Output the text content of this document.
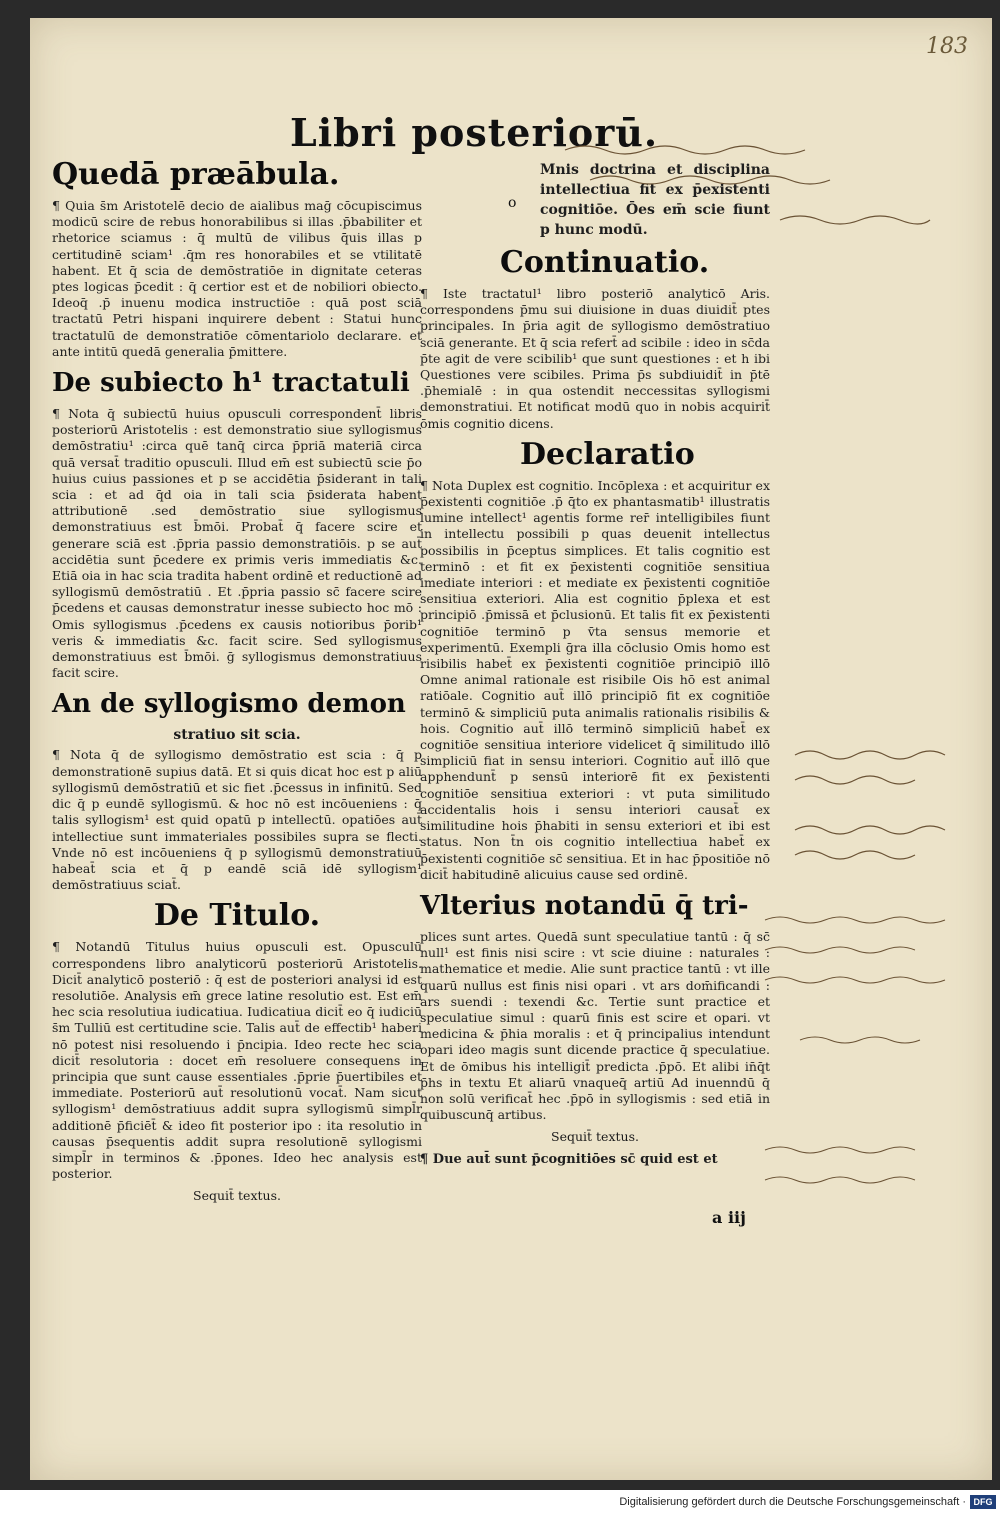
183
Libri posteriorū.
Quedā præābula.

¶ Quia s̄m Aristotelē decio de aialibus maḡ cōcupiscimus modicū scire de rebus honorabilibus si illas .p̄babiliter et rhetorice sciamus : q̄ multū de vilibus q̄̄uis illas p certitudinē sciam¹ .q̄m res honorabiles et se vtilitatē habent. Et q̄ scia de demōstratiōe in dignitate ceteras ptes logicas p̄cedit : q̄ certior est et de nobiliori obiecto. Ideoq̄ .p̄ inuenu modica instructiōe : quā post sciā tractatū Petri hispani inquirere debent : Statui hunc tractatulū de demonstratiōe cōmentariolo declarare. et ante intitū quedā generalia p̄mittere.

De subiecto h¹ tractatuli

¶ Nota q̄ subiectū huius opusculi correspondent̄ libris posteriorū Aristotelis : est demonstratio siue syllogismus demōstratiu¹ :circa quē tanq̄ circa p̄priā materiā circa quā versat̄ traditio opusculi. Illud em̄ est subiectū scie p̄o huius cuius passiones et p se accidētia p̄siderant in tali scia : et ad q̄d oia in tali scia p̄siderata habent attributionē .sed demōstratio siue syllogismus demonstratiuus est b̄mōi. Probat̄ q̄ facere scire et generare sciā est .p̄pria passio demonstratiōis. p se aut̄ accidētia sunt p̄cedere ex primis veris immediatis &c. Etiā oia in hac scia tradita habent ordinē et reductionē ad syllogismū demōstratiū . Et .p̄pria passio sc̄ facere scire p̄cedens et causas demonstratur inesse subiecto hoc mō : Omis syllogismus .p̄cedens ex causis notioribus p̄orib¹ veris & immediatis &c. facit scire. Sed syllogismus demonstratiuus est b̄mōi. ḡ syllogismus demonstratiuus facit scire.

An de syllogismo demon
stratiuo sit scia.

¶ Nota q̄ de syllogismo demōstratio est scia : q̄ p demonstrationē supius datā. Et si quis dicat hoc est p aliū syllogismū demōstratiū et sic fiet .p̄cessus in infinitū. Sed dic q̄ p eundē syllogismū. & hoc nō est incōueniens : q̄ talis syllogism¹ est quid opatū p intellectū. opatiōes aut̄ intellectiue sunt immateriales possibiles supra se flecti. Vnde nō est incōueniens q̄ p syllogismū demonstratiuū habeat̄ scia et q̄ p eandē sciā idē syllogism¹ demōstratiuus sciat̄.

De Titulo.

¶ Notandū Titulus huius opusculi est. Opusculū correspondens libro analyticorū posteriorū Aristotelis. Dicit̄ analyticō posteriō : q̄ est de posteriori analysi id est resolutiōe. Analysis em̄ grece latine resolutio est. Est em̄ hec scia resolutiua iudicatiua. Iudicatiua dicit̄ eo q̄ iudiciū s̄m Tulliū est certitudine scie. Talis aut̄ de effectib¹ haberi nō potest nisi resoluendo i p̄ncipia. Ideo recte hec scia dicit̄ resolutoria : docet em̄ resoluere consequens in principia que sunt cause essentiales .p̄prie p̄uertibiles et immediate. Posteriorū aut̄ resolutionū vocat̄. Nam sicut syllogism¹ demōstratiuus addit supra syllogismū simpl̄r additionē p̄ficiēt̄ & ideo fit posterior ipo : ita resolutio in causas p̄sequentis addit supra resolutionē syllogismi simpl̄r in terminos & .p̄pones. Ideo hec analysis est posterior.

Sequit̄ textus.
o

Mnis doctrina et disciplina intellectiua fit ex p̄existenti cognitiōe. Ōes em̄ scie fiunt p hunc modū.

Continuatio.

¶ Iste tractatul¹ libro posteriō analyticō Aris. correspondens p̄mu sui diuisione in duas diuidit̄ ptes principales. In p̄ria agit de syllogismo demōstratiuo sciā generante. Et q̄ scia refert̄ ad scibile : ideo in sc̄da p̄te agit de vere scibilib¹ que sunt questiones : et h ibi Questiones vere scibiles. Prima p̄s subdiuidit̄ in p̄tē .p̄hemialē : in qua ostendit neccessitas syllogismi demonstratiui. Et notificat modū quo in nobis acquirit̄ ōmis cognitio dicens.

Declaratio

¶ Nota Duplex est cognitio. Incōplexa : et acquiritur ex p̄existenti cognitiōe .p̄ q̄̄to ex phantasmatib¹ illustratis lumine intellect¹ agentis forme rer̄ intelligibiles fiunt in intellectu possibili p quas deuenit intellectus possibilis in p̄ceptus simplices. Et talis cognitio est terminō : et fit ex p̄existenti cognitiōe sensitiua imediate interiori : et mediate ex p̄existenti cognitiōe sensitiua exteriori. Alia est cognitio p̄plexa et est principiō .p̄missā et p̄clusionū. Et talis fit ex p̄existenti cognitiōe terminō p v̄ta sensus memorie et experimentū. Exempli ḡra illa cōclusio Omis homo est risibilis habet̄ ex p̄existenti cognitiōe principiō illō Omne animal rationale est risibile Ois hō est animal ratiōale. Cognitio aut̄ illō principiō fit ex cognitiōe terminō & simpliciū puta animalis rationalis risibilis & hois. Cognitio aut̄ illō terminō simpliciū habet̄ ex cognitiōe sensitiua interiore videlicet q̄ similitudo illō simpliciū fiat in sensu interiori. Cognitio aut̄ illō que apphendunt̄ p sensū interiorē fit ex p̄existenti cognitiōe sensitiua exteriori : vt puta similitudo accidentalis hois i sensu interiori causat̄ ex similitudine hois p̄habiti in sensu exteriori et ibi est status. Non t̄n ois cognitio intellectiua habet̄ ex p̄existenti cognitiōe sc̄ sensitiua. Et in hac p̄positiōe nō dicit̄ habitudinē alicuius cause sed ordinē.

Vlterius notandū q̄ tri-

plices sunt artes. Quedā sunt speculatiue tantū : q̄ sc̄ null¹ est finis nisi scire : vt scie diuine : naturales : mathematice et medie. Alie sunt practice tantū : vt ille quarū nullus est finis nisi opari . vt ars dom̄ificandi : ars suendi : texendi &c. Tertie sunt practice et speculatiue simul : quarū finis est scire et opari. vt medicina & p̄hia moralis : et q̄ principalius intendunt opari ideo magis sunt dicende practice q̄ speculatiue. Et de ōmibus his intelligit̄ predicta .p̄pō. Et alibi in̄q̄t p̄hs in textu Et aliarū vnaqueq̄ artiū Ad inuenndū q̄ non solū verificat̄ hec .p̄pō in syllogismis : sed etiā in quibuscunq̄ artibus.

Sequit̄ textus.

¶ Due aut̄ sunt p̄cognitiōes sc̄ quid est et

a iij
Digitalisierung gefördert durch die Deutsche Forschungsgemeinschaft · DFG
